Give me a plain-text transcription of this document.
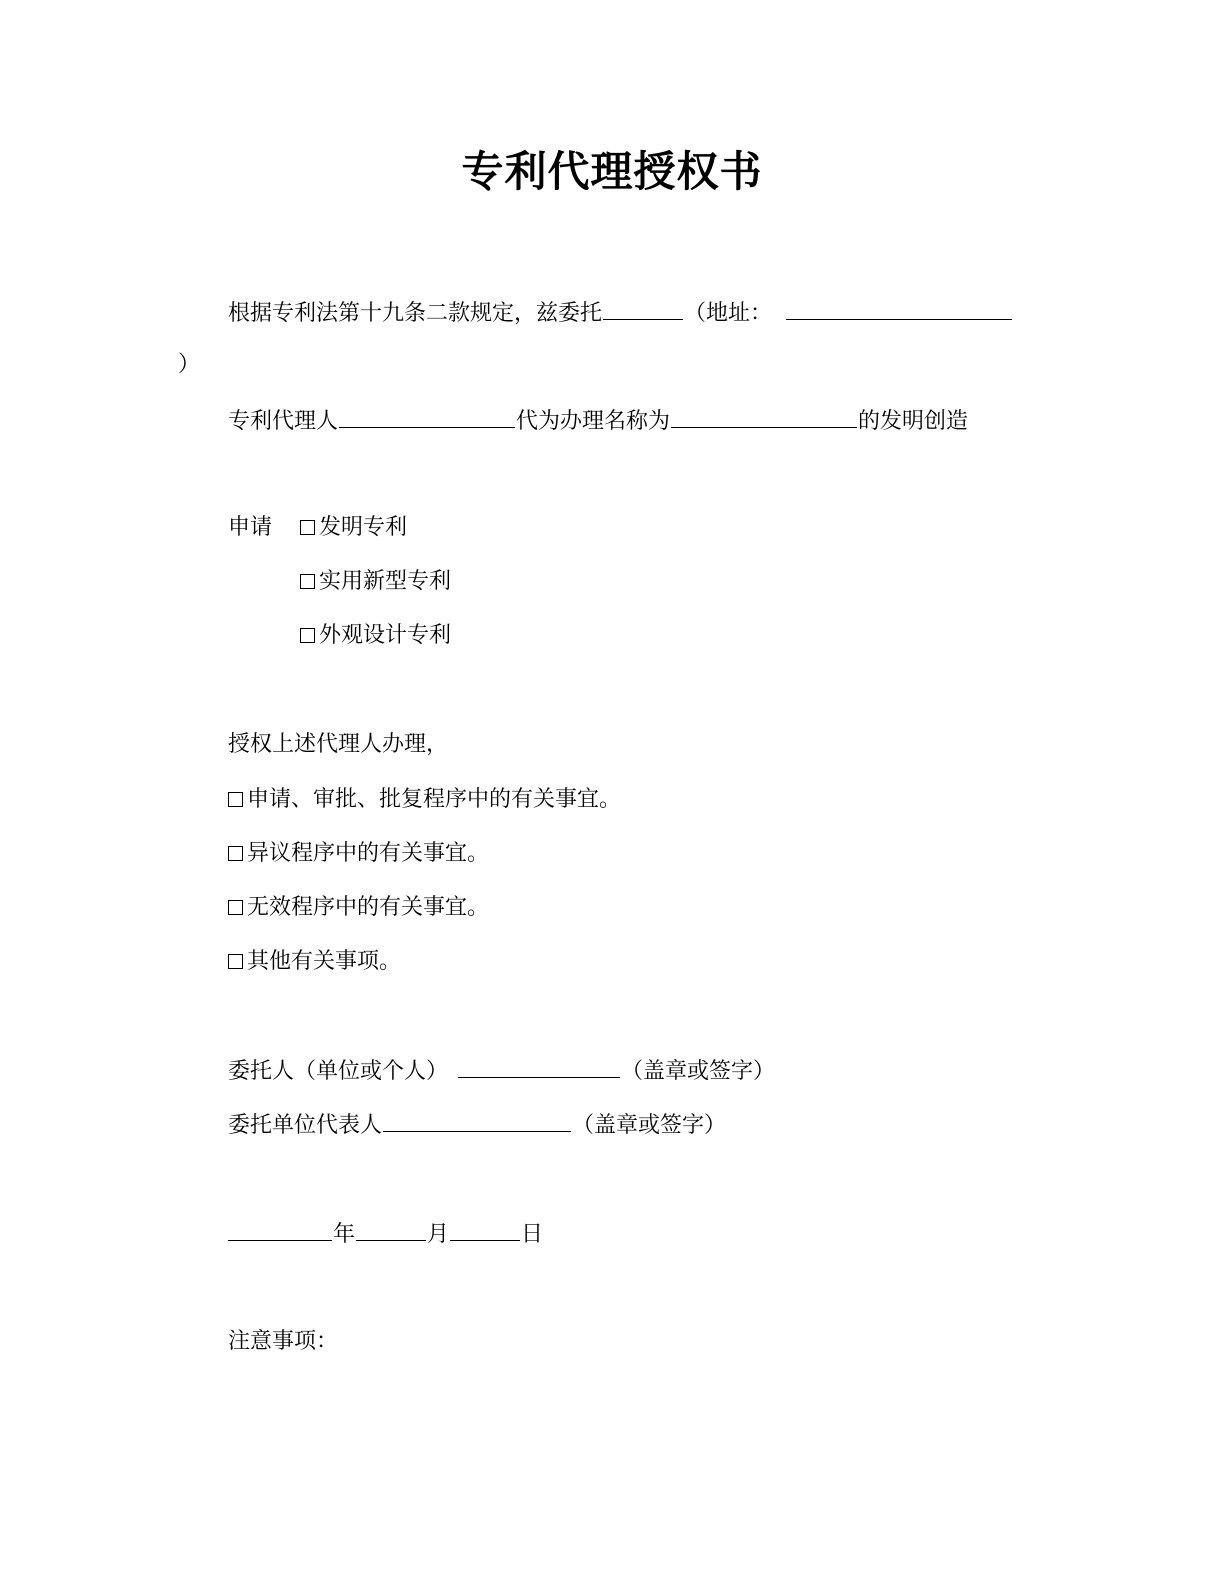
专利代理授权书
根据专利法第十九条二款规定，兹委托	（地址：
）
专利代理人	代为办理名称为	的发明创造
申请	发明专利
实用新型专利
外观设计专利
授权上述代理人办理，
申请、审批、批复程序中的有关事宜。
异议程序中的有关事宜。
无效程序中的有关事宜。
其他有关事项。
委托人（单位或个人）	（盖章或签字）
委托单位代表人	（盖章或签字）
年	月	日
注意事项：
